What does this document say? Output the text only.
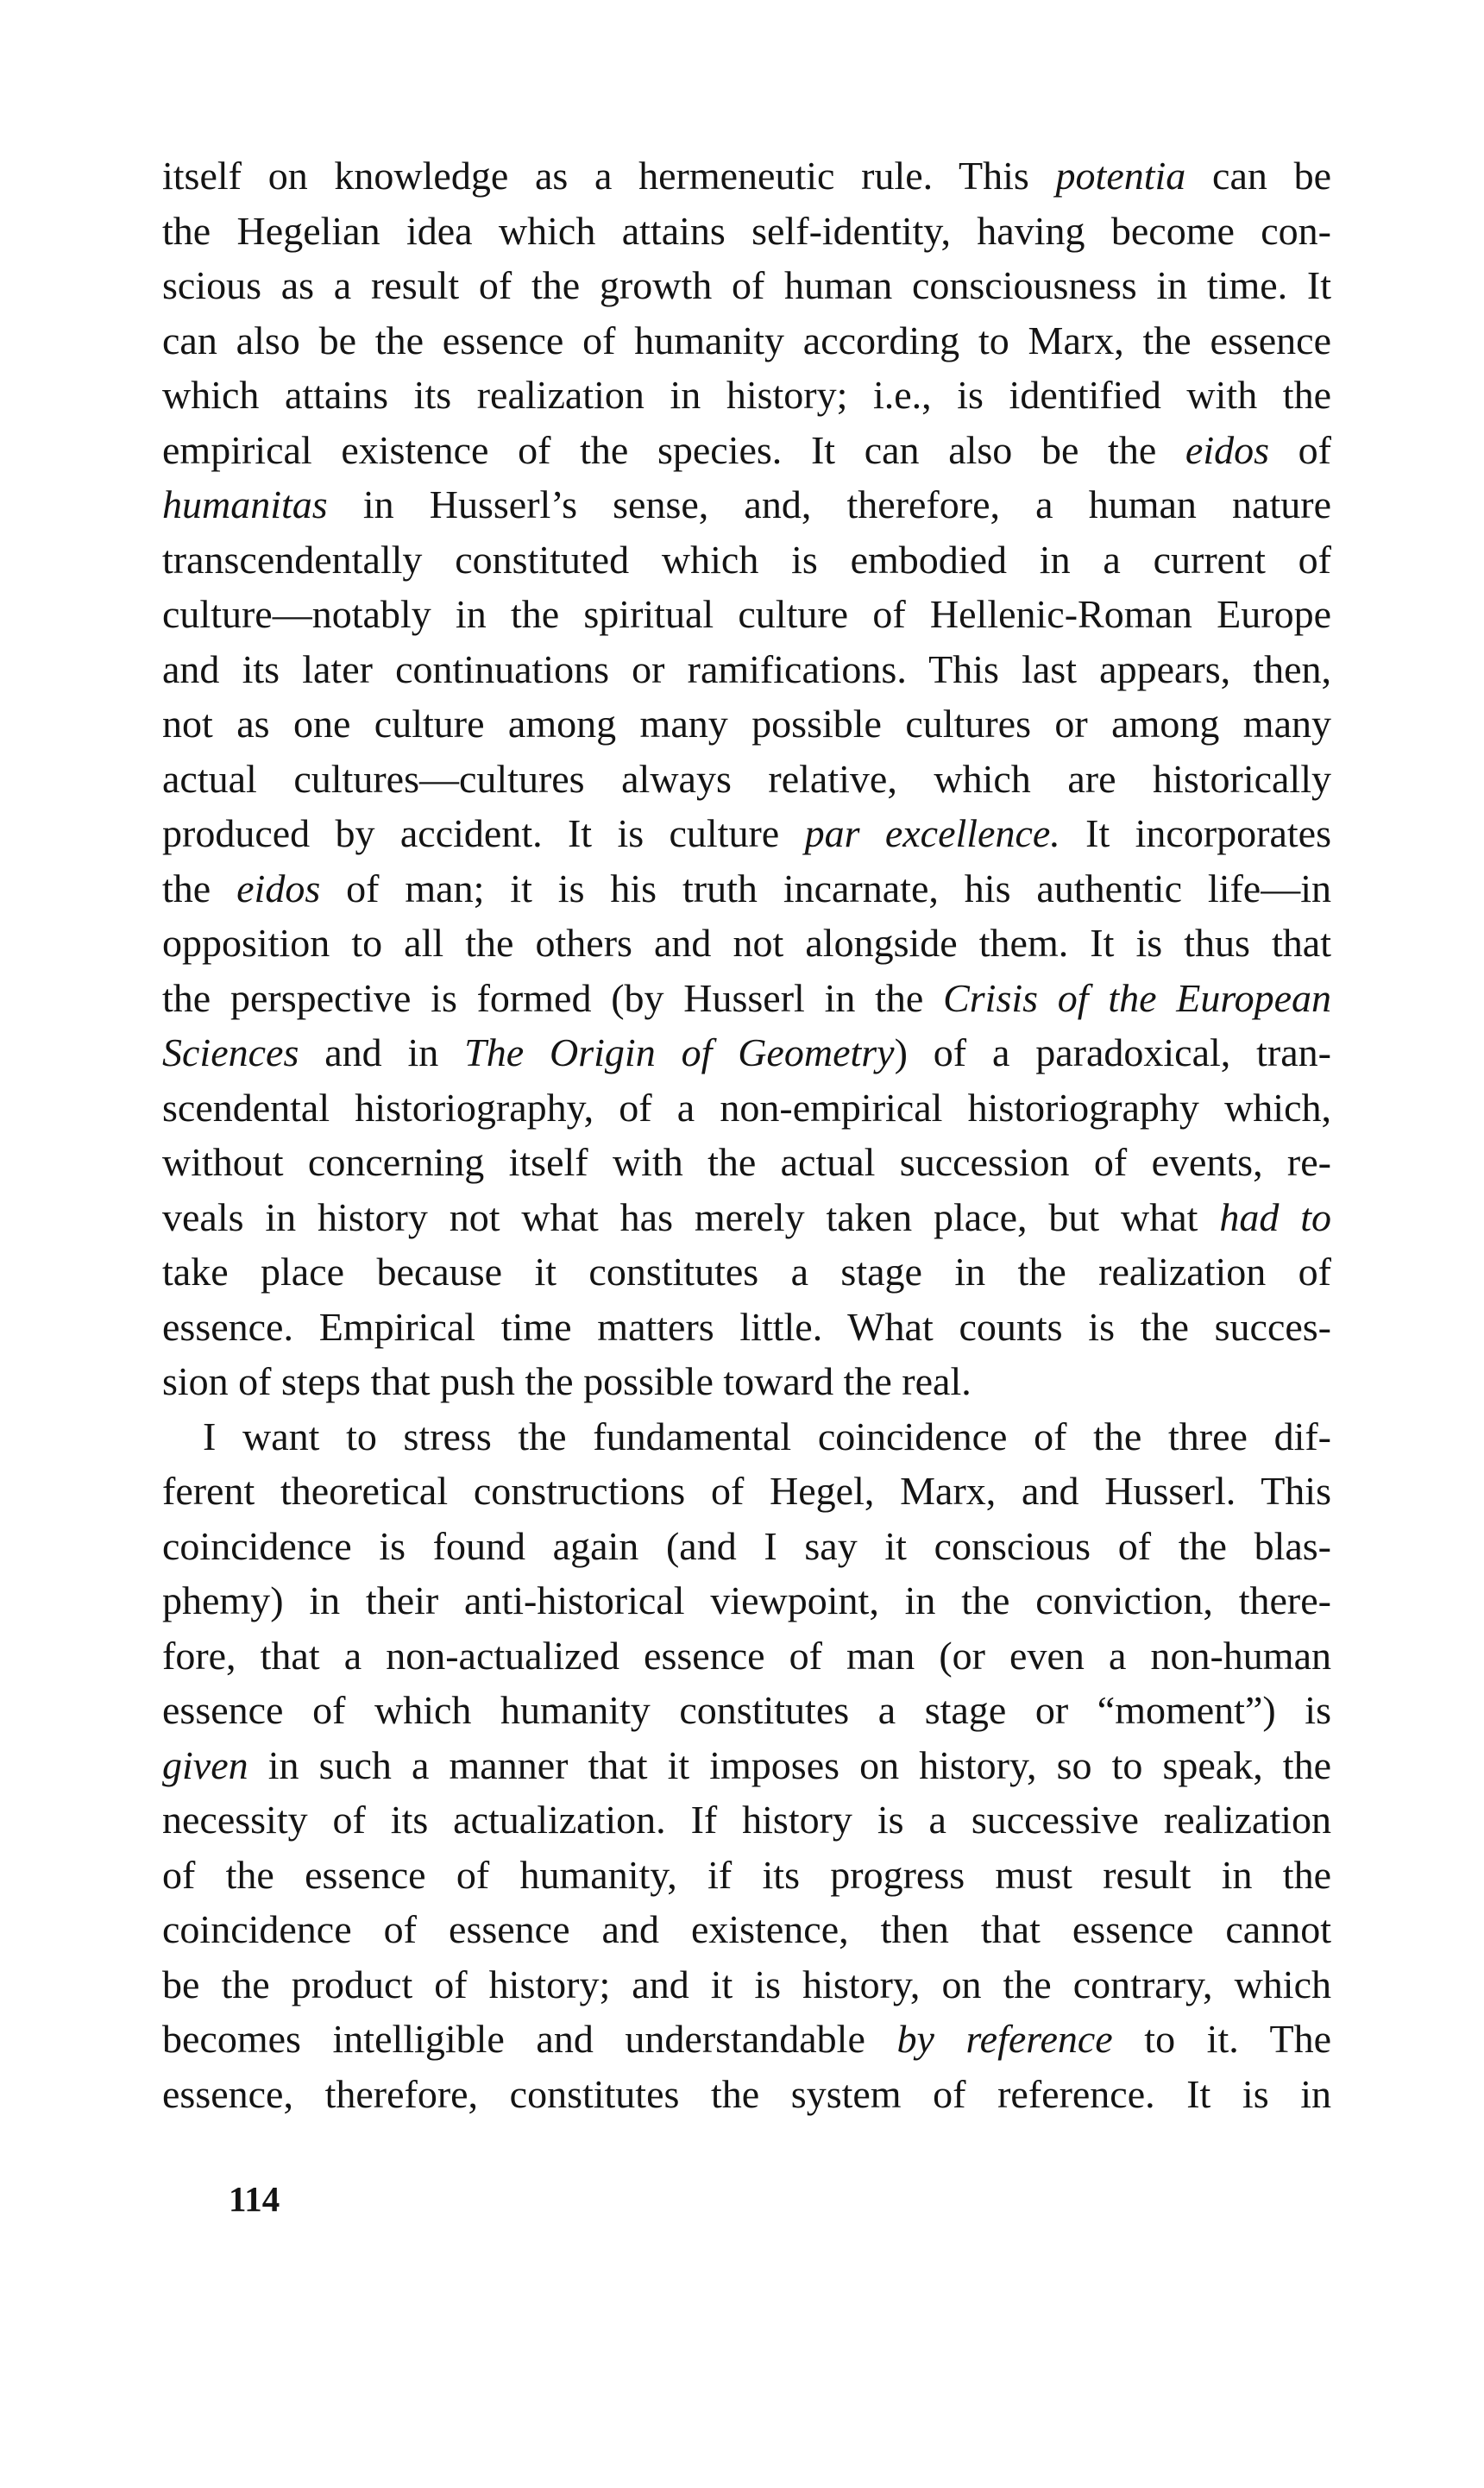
itself on knowledge as a hermeneutic rule. This potentia can be
the Hegelian idea which attains self-identity, having become con-
scious as a result of the growth of human consciousness in time. It
can also be the essence of humanity according to Marx, the essence
which attains its realization in history; i.e., is identified with the
empirical existence of the species. It can also be the eidos of
humanitas in Husserl’s sense, and, therefore, a human nature
transcendentally constituted which is embodied in a current of
culture—notably in the spiritual culture of Hellenic-Roman Europe
and its later continuations or ramifications. This last appears, then,
not as one culture among many possible cultures or among many
actual cultures—cultures always relative, which are historically
produced by accident. It is culture par excellence. It incorporates
the eidos of man; it is his truth incarnate, his authentic life—in
opposition to all the others and not alongside them. It is thus that
the perspective is formed (by Husserl in the Crisis of the European
Sciences and in The Origin of Geometry) of a paradoxical, tran-
scendental historiography, of a non-empirical historiography which,
without concerning itself with the actual succession of events, re-
veals in history not what has merely taken place, but what had to
take place because it constitutes a stage in the realization of
essence. Empirical time matters little. What counts is the succes-
sion of steps that push the possible toward the real.
I want to stress the fundamental coincidence of the three dif-
ferent theoretical constructions of Hegel, Marx, and Husserl. This
coincidence is found again (and I say it conscious of the blas-
phemy) in their anti-historical viewpoint, in the conviction, there-
fore, that a non-actualized essence of man (or even a non-human
essence of which humanity constitutes a stage or “moment”) is
given in such a manner that it imposes on history, so to speak, the
necessity of its actualization. If history is a successive realization
of the essence of humanity, if its progress must result in the
coincidence of essence and existence, then that essence cannot
be the product of history; and it is history, on the contrary, which
becomes intelligible and understandable by reference to it. The
essence, therefore, constitutes the system of reference. It is in
114
